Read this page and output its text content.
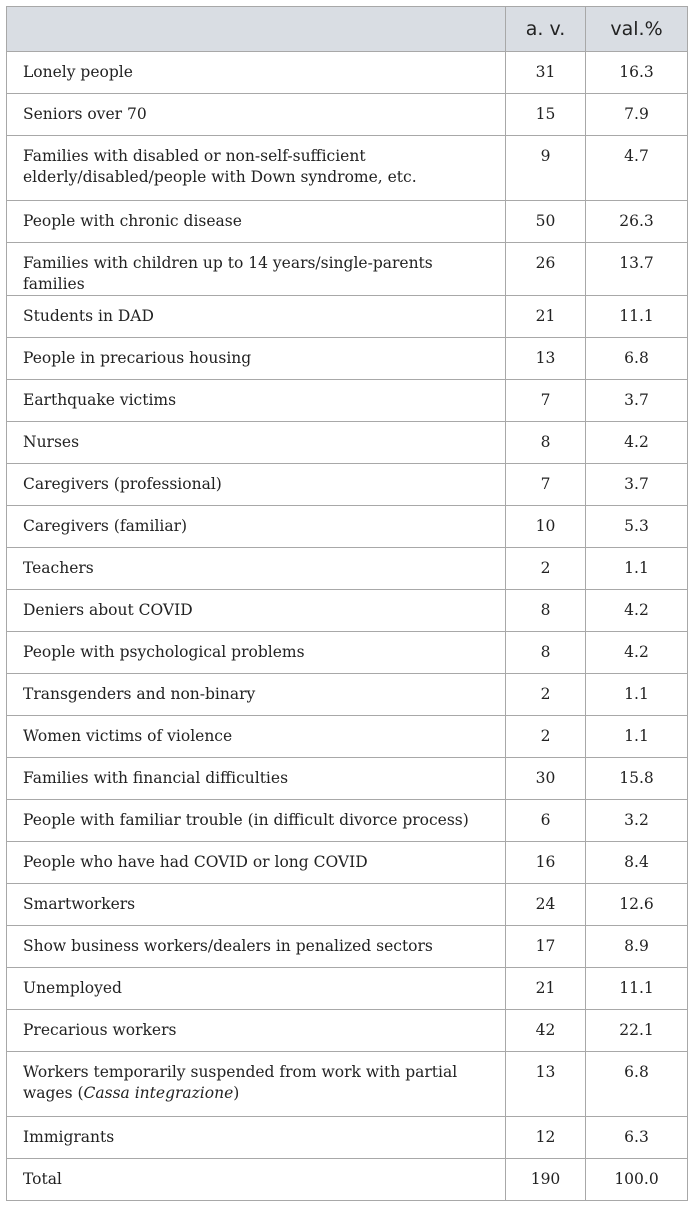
	a. v.	val.%
Lonely people	31	16.3
Seniors over 70	15	7.9
Families with disabled or non-self-sufficient elderly/disabled/people with Down syndrome, etc.	9	4.7
People with chronic disease	50	26.3
Families with children up to 14 years/single-parents families	26	13.7
Students in DAD	21	11.1
People in precarious housing	13	6.8
Earthquake victims	7	3.7
Nurses	8	4.2
Caregivers (professional)	7	3.7
Caregivers (familiar)	10	5.3
Teachers	2	1.1
Deniers about COVID	8	4.2
People with psychological problems	8	4.2
Transgenders and non-binary	2	1.1
Women victims of violence	2	1.1
Families with financial difficulties	30	15.8
People with familiar trouble (in difficult divorce process)	6	3.2
People who have had COVID or long COVID	16	8.4
Smartworkers	24	12.6
Show business workers/dealers in penalized sectors	17	8.9
Unemployed	21	11.1
Precarious workers	42	22.1
Workers temporarily suspended from work with partial wages (Cassa integrazione)	13	6.8
Immigrants	12	6.3
Total	190	100.0
